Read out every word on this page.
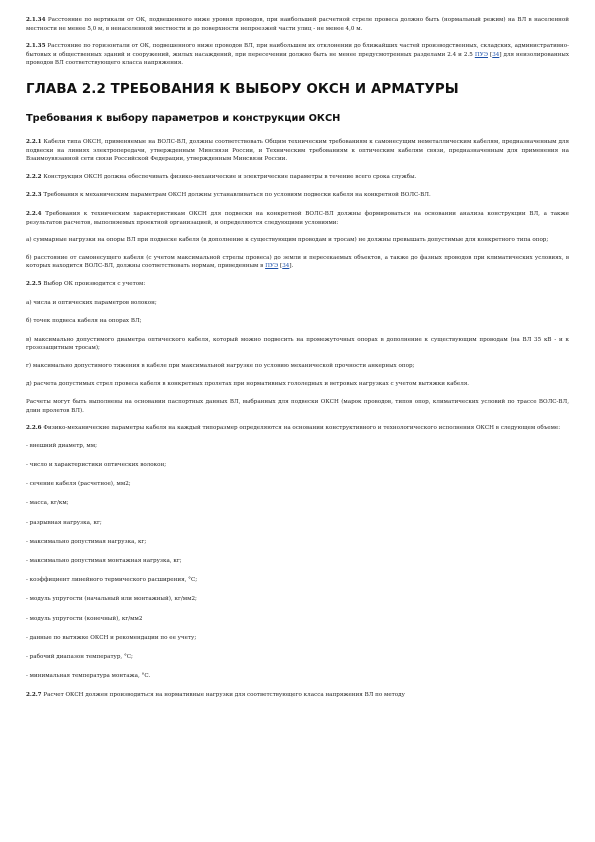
2.1.34 Расстояние по вертикали от ОК, подвешенного ниже уровня проводов, при наибольшей расчетной стреле провеса должно быть (нормальный режим) на ВЛ в населенной местности не менее 5,0 м, в ненаселенной местности и до поверхности непроезжей части улиц - не менее 4,0 м.

2.1.35 Расстояние по горизонтали от ОК, подвешенного ниже проводов ВЛ, при наибольшем их отклонении до ближайших частей производственных, складских, административно-бытовых и общественных зданий и сооружений, жилых насаждений, при пересечении должно быть не менее предусмотренных разделами 2.4 и 2.5 ПУЭ [34] для неизолированных проводов ВЛ соответствующего класса напряжения.

ГЛАВА 2.2 ТРЕБОВАНИЯ К ВЫБОРУ ОКСН И АРМАТУРЫ
Требования к выбору параметров и конструкции ОКСН

2.2.1 Кабели типа ОКСН, применяемые на ВОЛС-ВЛ, должны соответствовать Общим техническим требованиям к самонесущим неметаллическим кабелям, предназначенным для подвески на линиях электропередачи, утвержденным Минсвязи России, и Техническим требованиям к оптическим кабелям связи, предназначенным для применения на Взаимоувязанной сети связи Российской Федерации, утвержденным Минсвязи России.

2.2.2 Конструкция ОКСН должна обеспечивать физико-механические и электрические параметры в течение всего срока службы.

2.2.3 Требования к механическим параметрам ОКСН должны устанавливаться по условиям подвески кабеля на конкретной ВОЛС-ВЛ.

2.2.4 Требования к техническим характеристикам ОКСН для подвески на конкретной ВОЛС-ВЛ должны формироваться на основании анализа конструкции ВЛ, а также результатов расчетов, выполняемых проектной организацией, и определяются следующими условиями:

а) суммарные нагрузки на опоры ВЛ при подвеске кабеля (в дополнение к существующим проводам и тросам) не должны превышать допустимые для конкретного типа опор;

б) расстояние от самонесущего кабеля (с учетом максимальной стрелы провеса) до земли и пересекаемых объектов, а также до фазных проводов при климатических условиях, в которых находится ВОЛС-ВЛ, должны соответствовать нормам, приведенным в ПУЭ [34].

2.2.5 Выбор ОК производится с учетом:

а) числа и оптических параметров волокон;

б) точек подвеса кабеля на опорах ВЛ;

в) максимально допустимого диаметра оптического кабеля, который можно подвесить на промежуточных опорах в дополнение к существующим проводам (на ВЛ 35 кВ - и к грозозащитным тросам);

г) максимально допустимого тяжения в кабеле при максимальной нагрузке по условию механической прочности анкерных опор;

д) расчета допустимых стрел провеса кабеля в конкретных пролетах при нормативных гололедных и ветровых нагрузках с учетом вытяжки кабеля.

Расчеты могут быть выполнены на основании паспортных данных ВЛ, выбранных для подвески ОКСН (марок проводов, типов опор, климатических условий по трассе ВОЛС-ВЛ, длин пролетов ВЛ).

2.2.6 Физико-механические параметры кабеля на каждый типоразмер определяются на основании конструктивного и технологического исполнения ОКСН в следующем объеме:

- внешний диаметр, мм;
- число и характеристики оптических волокон;
- сечение кабеля (расчетное), мм2;
- масса, кг/км;
- разрывная нагрузка, кг;
- максимально допустимая нагрузка, кг;
- максимально допустимая монтажная нагрузка, кг;
- коэффициент линейного термического расширения, °С;
- модуль упругости (начальный или монтажный), кг/мм2;
- модуль упругости (конечный), кг/мм2
- данные по вытяжке ОКСН и рекомендации по ее учету;
- рабочий диапазон температур, °С;
- минимальная температура монтажа, °С.

2.2.7 Расчет ОКСН должен производиться на нормативные нагрузки для соответствующего класса напряжения ВЛ по методу
